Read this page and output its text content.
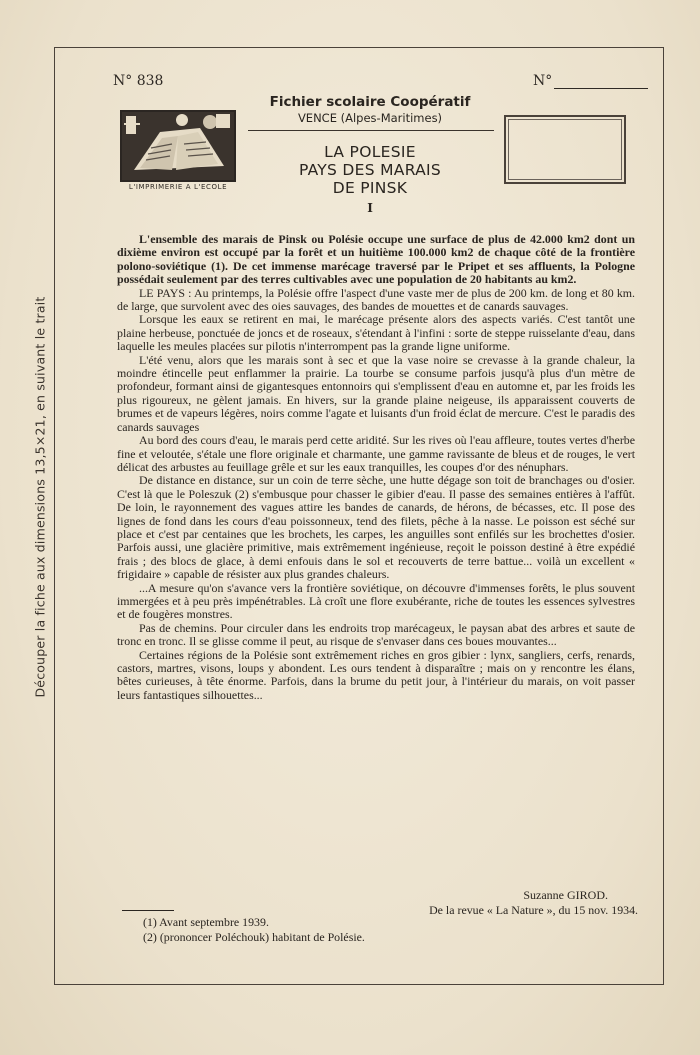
Découper la fiche aux dimensions 13,5×21, en suivant le trait
N° 838	N°
L'IMPRIMERIE A L'ECOLE
Fichier scolaire Coopératif
VENCE (Alpes-Maritimes)
LA POLESIE
PAYS DES MARAIS
DE PINSK
I

L'ensemble des marais de Pinsk ou Polésie occupe une surface de plus de 42.000 km2 dont un dixième environ est occupé par la forêt et un huitième 100.000 km2 de chaque côté de la frontière polono-soviétique (1). De cet immense marécage traversé par le Pripet et ses affluents, la Pologne possédait seulement par des terres cultivables avec une population de 20 habitants au km2.

LE PAYS : Au printemps, la Polésie offre l'aspect d'une vaste mer de plus de 200 km. de long et 80 km. de large, que survolent avec des oies sauvages, des bandes de mouettes et de canards sauvages.

Lorsque les eaux se retirent en mai, le marécage présente alors des aspects variés. C'est tantôt une plaine herbeuse, ponctuée de joncs et de roseaux, s'étendant à l'infini : sorte de steppe ruisselante d'eau, dans laquelle les meules placées sur pilotis n'interrompent pas la grande ligne uniforme.

L'été venu, alors que les marais sont à sec et que la vase noire se crevasse à la grande chaleur, la moindre étincelle peut enflammer la prairie. La tourbe se consume parfois jusqu'à plus d'un mètre de profondeur, formant ainsi de gigantesques entonnoirs qui s'emplissent d'eau en automne et, par les froids les plus rigoureux, ne gèlent jamais. En hivers, sur la grande plaine neigeuse, ils apparaissent couverts de brumes et de vapeurs légères, noirs comme l'agate et luisants d'un froid éclat de mercure. C'est le paradis des canards sauvages

Au bord des cours d'eau, le marais perd cette aridité. Sur les rives où l'eau affleure, toutes vertes d'herbe fine et veloutée, s'étale une flore originale et charmante, une gamme ravissante de bleus et de rouges, le vert délicat des arbustes au feuillage grêle et sur les eaux tranquilles, les coupes d'or des nénuphars.

De distance en distance, sur un coin de terre sèche, une hutte dégage son toit de branchages ou d'osier. C'est là que le Poleszuk (2) s'embusque pour chasser le gibier d'eau. Il passe des semaines entières à l'affût. De loin, le rayonnement des vagues attire les bandes de canards, de hérons, de bécasses, etc. Il pose des lignes de fond dans les cours d'eau poissonneux, tend des filets, pêche à la nasse. Le poisson est séché sur place et c'est par centaines que les brochets, les carpes, les anguilles sont enfilés sur les brochettes d'osier. Parfois aussi, une glacière primitive, mais extrêmement ingénieuse, reçoit le poisson destiné à être expédié frais ; des blocs de glace, à demi enfouis dans le sol et recouverts de terre battue... voilà un excellent « frigidaire » capable de résister aux plus grandes chaleurs.

...A mesure qu'on s'avance vers la frontière soviétique, on découvre d'immenses forêts, le plus souvent immergées et à peu près impénétrables. Là croît une flore exubérante, riche de toutes les essences sylvestres et de fougères monstres.

Pas de chemins. Pour circuler dans les endroits trop marécageux, le paysan abat des arbres et saute de tronc en tronc. Il se glisse comme il peut, au risque de s'envaser dans ces boues mouvantes...

Certaines régions de la Polésie sont extrêmement riches en gros gibier : lynx, sangliers, cerfs, renards, castors, martres, visons, loups y abondent. Les ours tendent à disparaître ; mais on y rencontre les élans, bêtes curieuses, à tête énorme. Parfois, dans la brume du petit jour, à l'intérieur du marais, on voit passer leurs fantastiques silhouettes...

Suzanne GIROD.
De la revue « La Nature », du 15 nov. 1934.
(1) Avant septembre 1939.
(2) (prononcer Poléchouk) habitant de Polésie.
